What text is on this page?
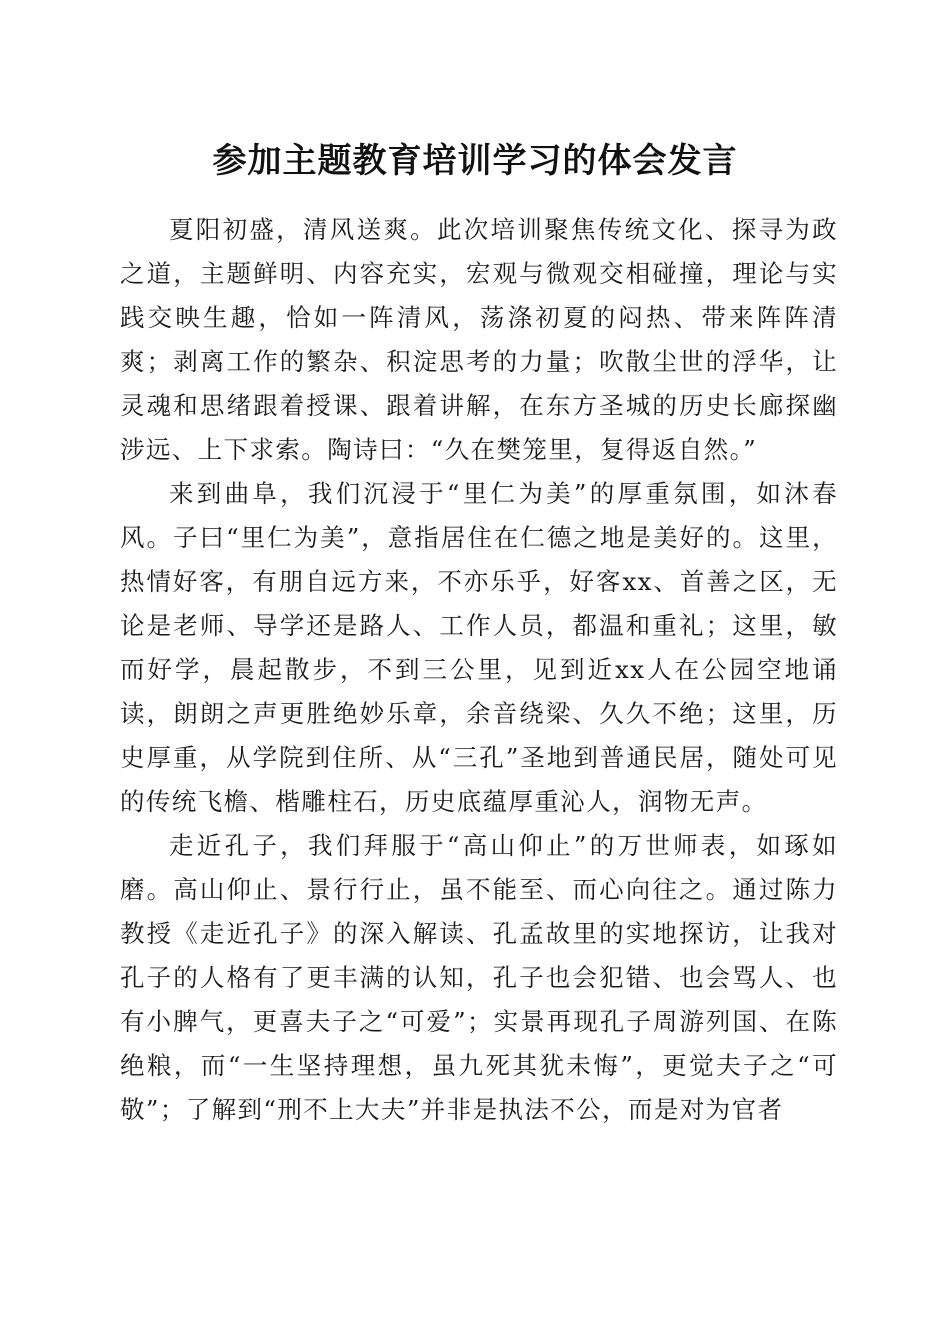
参加主题教育培训学习的体会发言

夏阳初盛，清风送爽。此次培训聚焦传统文化、探寻为政之道，主题鲜明、内容充实，宏观与微观交相碰撞，理论与实践交映生趣，恰如一阵清风，荡涤初夏的闷热、带来阵阵清爽；剥离工作的繁杂、积淀思考的力量；吹散尘世的浮华，让灵魂和思绪跟着授课、跟着讲解，在东方圣城的历史长廊探幽涉远、上下求索。陶诗曰：“久在樊笼里，复得返自然。”

来到曲阜，我们沉浸于“里仁为美”的厚重氛围，如沐春风。子曰“里仁为美”，意指居住在仁德之地是美好的。这里，热情好客，有朋自远方来，不亦乐乎，好客xx、首善之区，无论是老师、导学还是路人、工作人员，都温和重礼；这里，敏而好学，晨起散步，不到三公里，见到近xx人在公园空地诵读，朗朗之声更胜绝妙乐章，余音绕梁、久久不绝；这里，历史厚重，从学院到住所、从“三孔”圣地到普通民居，随处可见的传统飞檐、楷雕柱石，历史底蕴厚重沁人，润物无声。

走近孔子，我们拜服于“高山仰止”的万世师表，如琢如磨。高山仰止、景行行止，虽不能至、而心向往之。通过陈力教授《走近孔子》的深入解读、孔孟故里的实地探访，让我对孔子的人格有了更丰满的认知，孔子也会犯错、也会骂人、也有小脾气，更喜夫子之“可爱”；实景再现孔子周游列国、在陈绝粮，而“一生坚持理想，虽九死其犹未悔”，更觉夫子之“可敬”；了解到“刑不上大夫”并非是执法不公，而是对为官者
